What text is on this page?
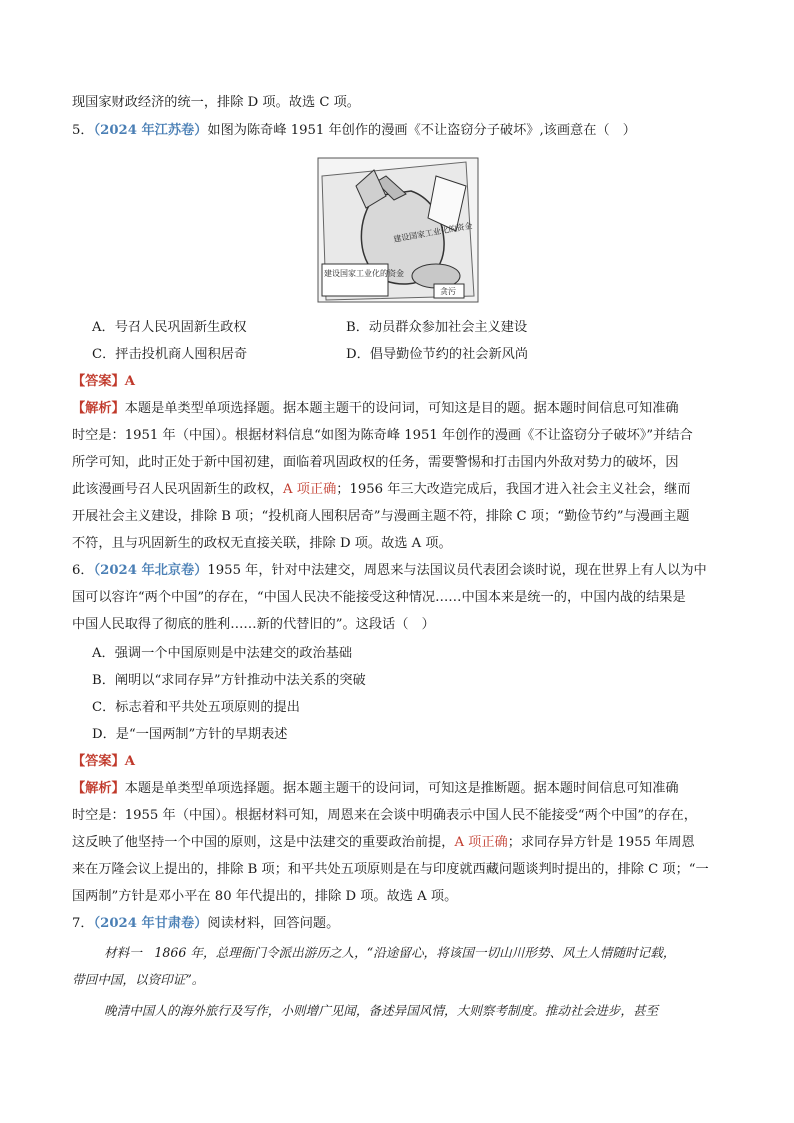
现国家财政经济的统一，排除 D 项。故选 C 项。
5．（2024 年江苏卷）如图为陈奇峰 1951 年创作的漫画《不让盗窃分子破坏》,该画意在（　）
建设国家工业化的资金
建设国家工业化的资金
贪污
A．号召人民巩固新生政权	B．动员群众参加社会主义建设
C．抨击投机商人囤积居奇	D．倡导勤俭节约的社会新风尚
【答案】A
【解析】本题是单类型单项选择题。据本题主题干的设问词，可知这是目的题。据本题时间信息可知准确
时空是：1951 年（中国）。根据材料信息“如图为陈奇峰 1951 年创作的漫画《不让盗窃分子破坏》”并结合
所学可知，此时正处于新中国初建，面临着巩固政权的任务，需要警惕和打击国内外敌对势力的破坏，因
此该漫画号召人民巩固新生的政权，A 项正确；1956 年三大改造完成后，我国才进入社会主义社会，继而
开展社会主义建设，排除 B 项；“投机商人囤积居奇”与漫画主题不符，排除 C 项；“勤俭节约”与漫画主题
不符，且与巩固新生的政权无直接关联，排除 D 项。故选 A 项。
6．（2024 年北京卷）1955 年，针对中法建交，周恩来与法国议员代表团会谈时说，现在世界上有人以为中
国可以容许“两个中国”的存在，“中国人民决不能接受这种情况……中国本来是统一的，中国内战的结果是
中国人民取得了彻底的胜利……新的代替旧的”。这段话（　）
A．强调一个中国原则是中法建交的政治基础
B．阐明以“求同存异”方针推动中法关系的突破
C．标志着和平共处五项原则的提出
D．是“一国两制”方针的早期表述
【答案】A
【解析】本题是单类型单项选择题。据本题主题干的设问词，可知这是推断题。据本题时间信息可知准确
时空是：1955 年（中国）。根据材料可知，周恩来在会谈中明确表示中国人民不能接受“两个中国”的存在，
这反映了他坚持一个中国的原则，这是中法建交的重要政治前提，A 项正确；求同存异方针是 1955 年周恩
来在万隆会议上提出的，排除 B 项；和平共处五项原则是在与印度就西藏问题谈判时提出的，排除 C 项；“一
国两制”方针是邓小平在 80 年代提出的，排除 D 项。故选 A 项。
7．（2024 年甘肃卷）阅读材料，回答问题。
材料一　1866 年，总理衙门令派出游历之人，“沿途留心，将该国一切山川形势、风土人情随时记载，
带回中国，以资印证”。
晚清中国人的海外旅行及写作，小则增广见闻，备述异国风情，大则察考制度。推动社会进步，甚至
